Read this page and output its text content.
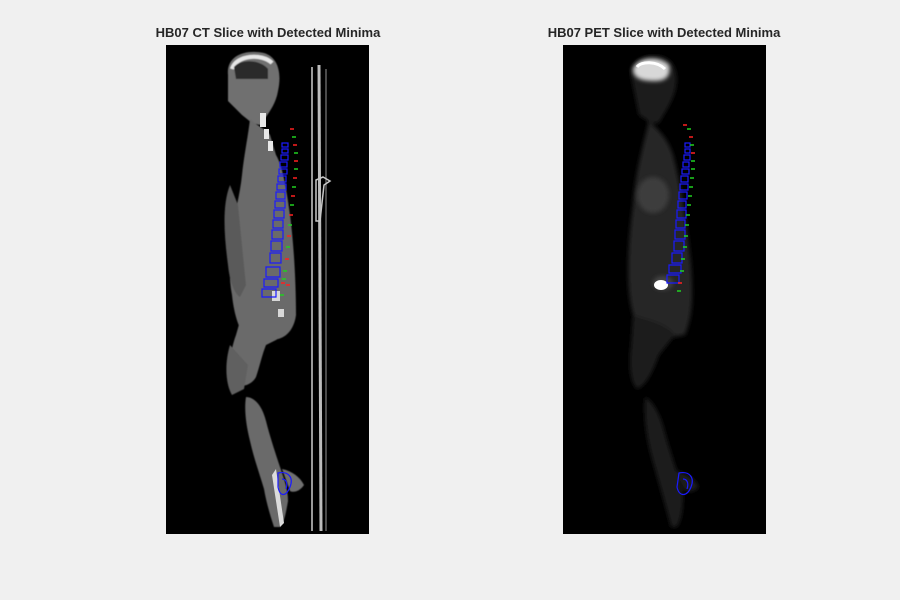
HB07 CT Slice with Detected Minima	HB07 PET Slice with Detected Minima
